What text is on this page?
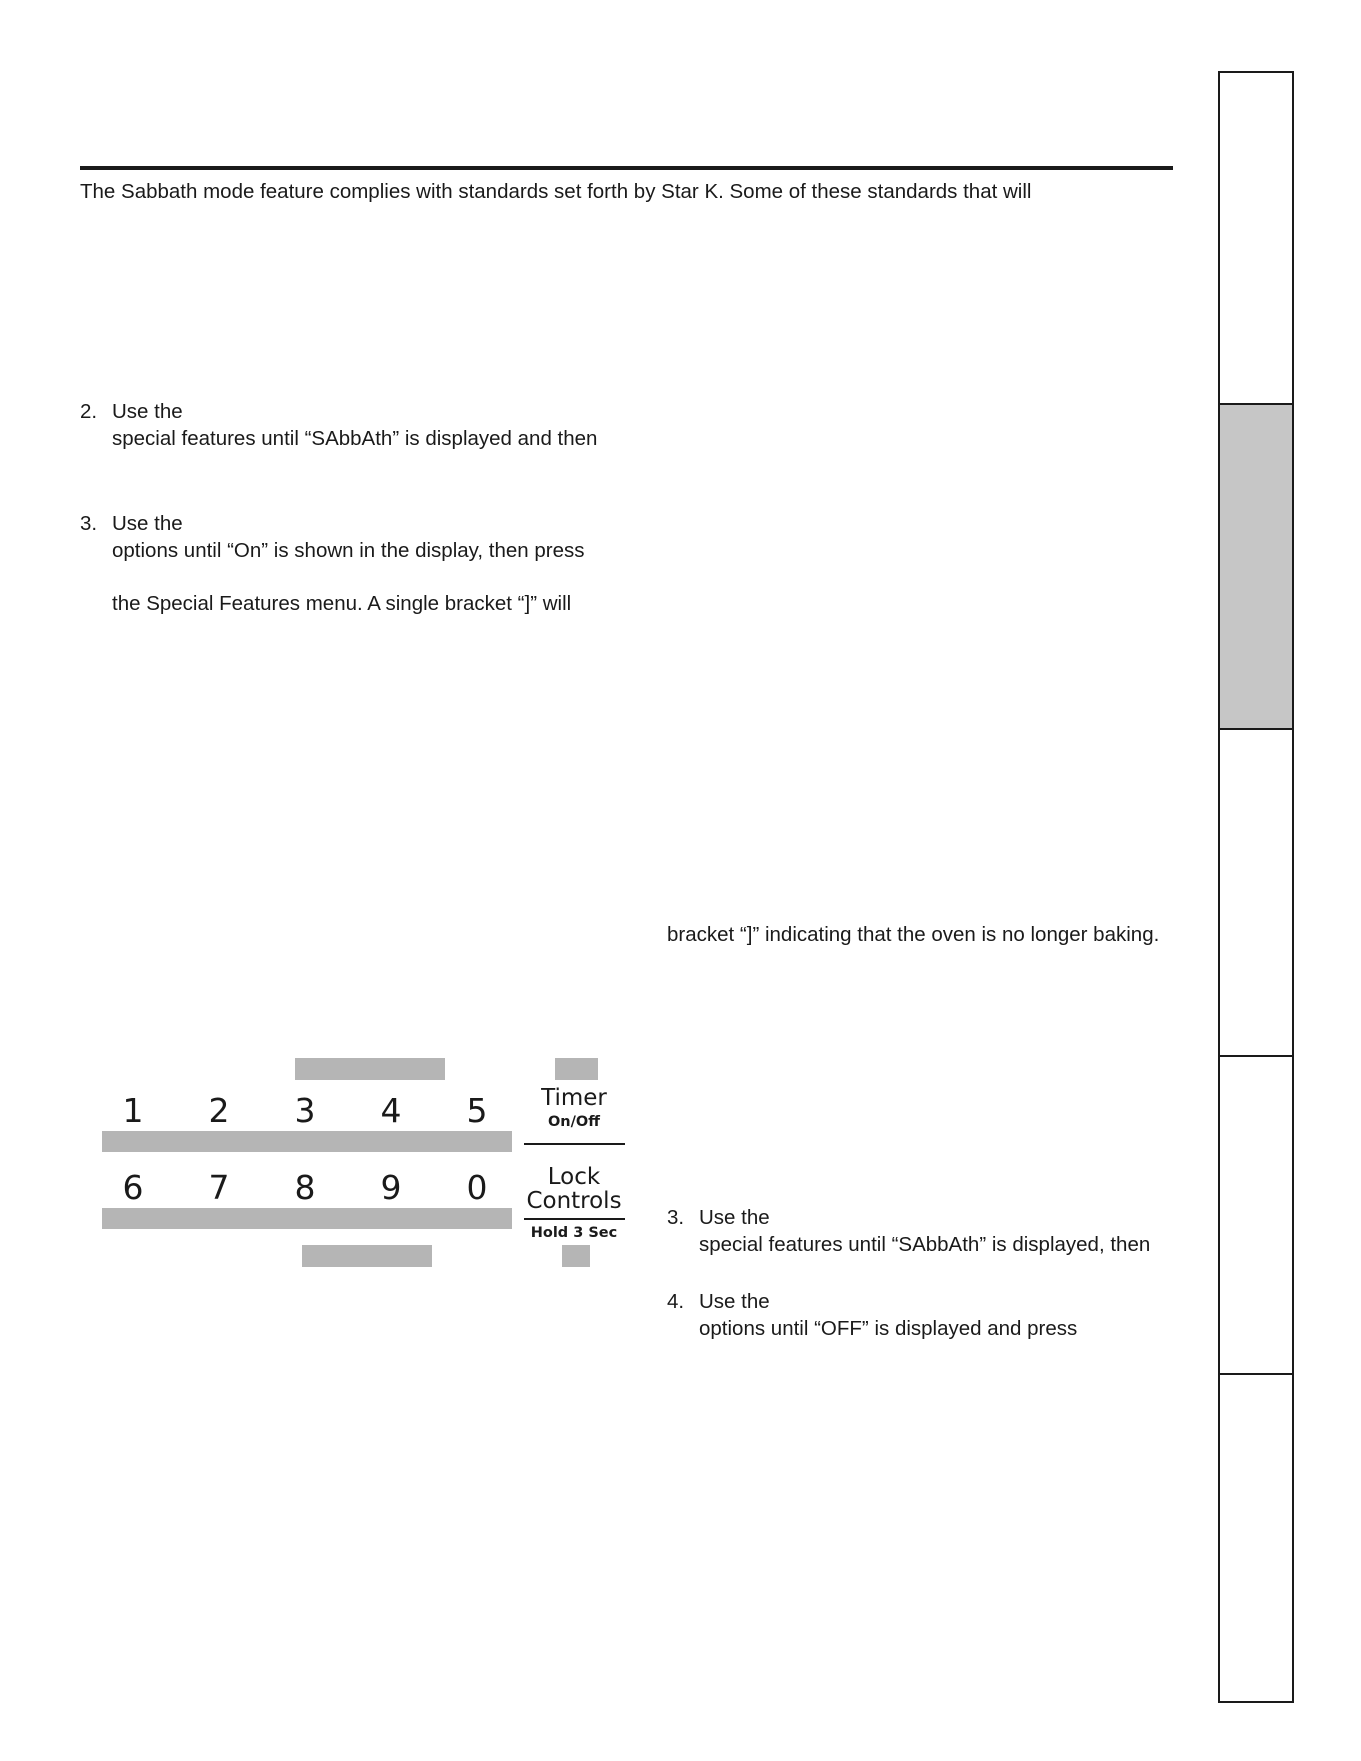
The Sabbath mode feature complies with standards set forth by Star K. Some of these standards that will
2. Use the
special features until “SAbbAth” is displayed and then
3. Use the
options until “On” is shown in the display, then press
the Special Features menu. A single bracket “]” will
bracket “]” indicating that the oven is no longer baking.
3. Use the
special features until “SAbbAth” is displayed, then
4. Use the
options until “OFF” is displayed and press
1 2 3 4 5
6 7 8 9 0
Timer
On/Off
Lock
Controls
Hold 3 Sec
